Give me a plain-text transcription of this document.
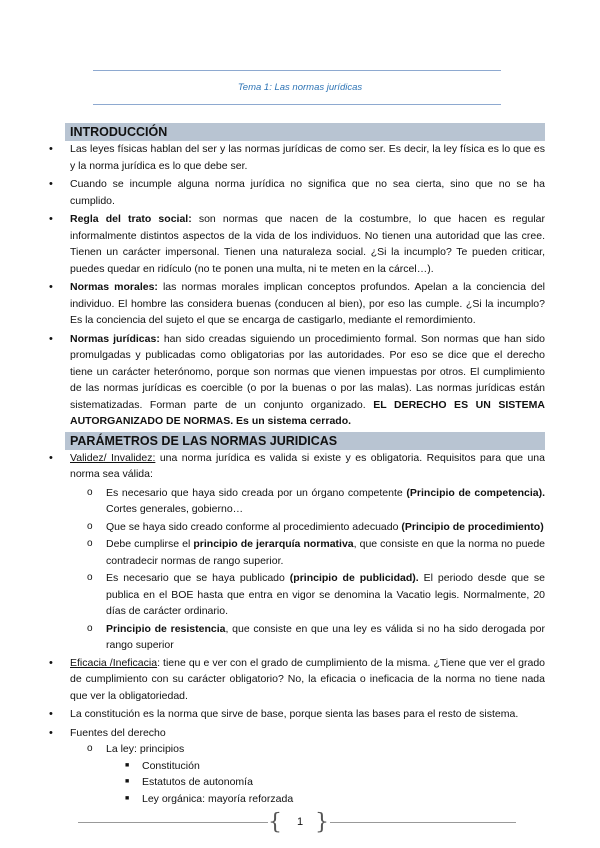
Tema 1: Las normas jurídicas
INTRODUCCIÓN
• Las leyes físicas hablan del ser y las normas jurídicas de como ser. Es decir, la ley física es lo que es y la norma jurídica es lo que debe ser.
• Cuando se incumple alguna norma jurídica no significa que no sea cierta, sino que no se ha cumplido.
• Regla del trato social: son normas que nacen de la costumbre, lo que hacen es regular informalmente distintos aspectos de la vida de los individuos. No tienen una autoridad que las cree. Tienen un carácter impersonal. Tienen una naturaleza social. ¿Si la incumplo? Te pueden criticar, puedes quedar en ridículo (no te ponen una multa, ni te meten en la cárcel…).
• Normas morales: las normas morales implican conceptos profundos. Apelan a la conciencia del individuo. El hombre las considera buenas (conducen al bien), por eso las cumple. ¿Si la incumplo? Es la conciencia del sujeto el que se encarga de castigarlo, mediante el remordimiento.
• Normas jurídicas: han sido creadas siguiendo un procedimiento formal. Son normas que han sido promulgadas y publicadas como obligatorias por las autoridades. Por eso se dice que el derecho tiene un carácter heterónomo, porque son normas que vienen impuestas por otros. El cumplimiento de las normas jurídicas es coercible (o por la buenas o por las malas). Las normas jurídicas están sistematizadas. Forman parte de un conjunto organizado. EL DERECHO ES UN SISTEMA AUTORGANIZADO DE NORMAS. Es un sistema cerrado.
PARÁMETROS DE LAS NORMAS JURIDICAS
• Validez/ Invalidez: una norma jurídica es valida si existe y es obligatoria. Requisitos para que una norma sea válida:
o Es necesario que haya sido creada por un órgano competente (Principio de competencia). Cortes generales, gobierno…
o Que se haya sido creado conforme al procedimiento adecuado (Principio de procedimiento)
o Debe cumplirse el principio de jerarquía normativa, que consiste en que la norma no puede contradecir normas de rango superior.
o Es necesario que se haya publicado (principio de publicidad). El periodo desde que se publica en el BOE hasta que entra en vigor se denomina la Vacatio legis. Normalmente, 20 días de carácter ordinario.
o Principio de resistencia, que consiste en que una ley es válida si no ha sido derogada por rango superior
• Eficacia /Ineficacia: tiene qu e ver con el grado de cumplimiento de la misma. ¿Tiene que ver el grado de cumplimiento con su carácter obligatorio? No, la eficacia o ineficacia de la norma no tiene nada que ver la obligatoriedad.
• La constitución es la norma que sirve de base, porque sienta las bases para el resto de sistema.
• Fuentes del derecho
o La ley: principios
■ Constitución
■ Estatutos de autonomía
■ Ley orgánica: mayoría reforzada
{	1 }
